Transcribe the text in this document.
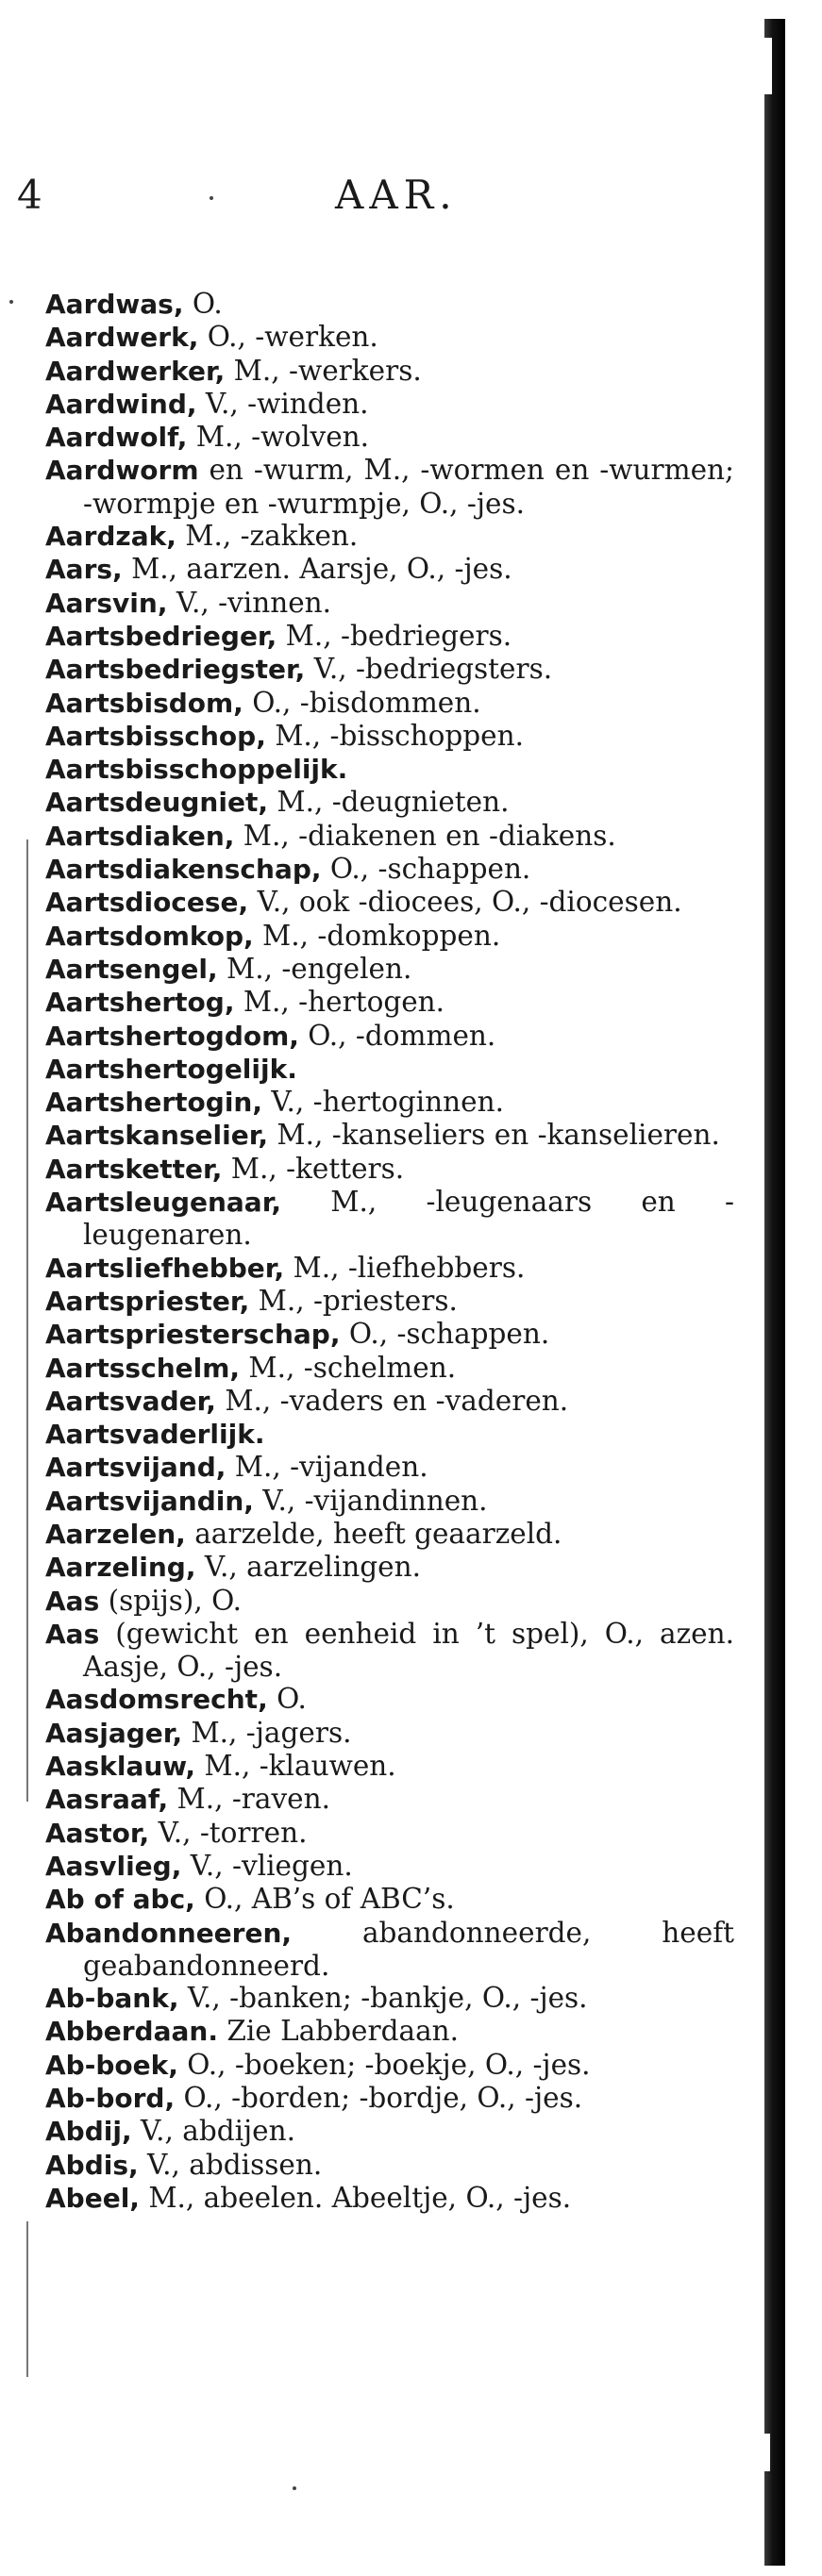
4	AAR.
Aardwas, O.
Aardwerk, O., -werken.
Aardwerker, M., -werkers.
Aardwind, V., -winden.
Aardwolf, M., -wolven.
Aardworm en -wurm, M., -wormen en -wurmen; -wormpje en -wurmpje, O., -jes.
Aardzak, M., -zakken.
Aars, M., aarzen. Aarsje, O., -jes.
Aarsvin, V., -vinnen.
Aartsbedrieger, M., -bedriegers.
Aartsbedriegster, V., -bedriegsters.
Aartsbisdom, O., -bisdommen.
Aartsbisschop, M., -bisschoppen.
Aartsbisschoppelijk.
Aartsdeugniet, M., -deugnieten.
Aartsdiaken, M., -diakenen en -diakens.
Aartsdiakenschap, O., -schappen.
Aartsdiocese, V., ook -diocees, O., -diocesen.
Aartsdomkop, M., -domkoppen.
Aartsengel, M., -engelen.
Aartshertog, M., -hertogen.
Aartshertogdom, O., -dommen.
Aartshertogelijk.
Aartshertogin, V., -hertoginnen.
Aartskanselier, M., -kanseliers en -kanselieren.
Aartsketter, M., -ketters.
Aartsleugenaar, M., -leugenaars en -leugenaren.
Aartsliefhebber, M., -liefhebbers.
Aartspriester, M., -priesters.
Aartspriesterschap, O., -schappen.
Aartsschelm, M., -schelmen.
Aartsvader, M., -vaders en -vaderen.
Aartsvaderlijk.
Aartsvijand, M., -vijanden.
Aartsvijandin, V., -vijandinnen.
Aarzelen, aarzelde, heeft geaarzeld.
Aarzeling, V., aarzelingen.
Aas (spijs), O.
Aas (gewicht en eenheid in ’t spel), O., azen. Aasje, O., -jes.
Aasdomsrecht, O.
Aasjager, M., -jagers.
Aasklauw, M., -klauwen.
Aasraaf, M., -raven.
Aastor, V., -torren.
Aasvlieg, V., -vliegen.
Ab of abc, O., AB’s of ABC’s.
Abandonneeren, abandonneerde, heeft geabandonneerd.
Ab-bank, V., -banken; -bankje, O., -jes.
Abberdaan. Zie Labberdaan.
Ab-boek, O., -boeken; -boekje, O., -jes.
Ab-bord, O., -borden; -bordje, O., -jes.
Abdij, V., abdijen.
Abdis, V., abdissen.
Abeel, M., abeelen. Abeeltje, O., -jes.
